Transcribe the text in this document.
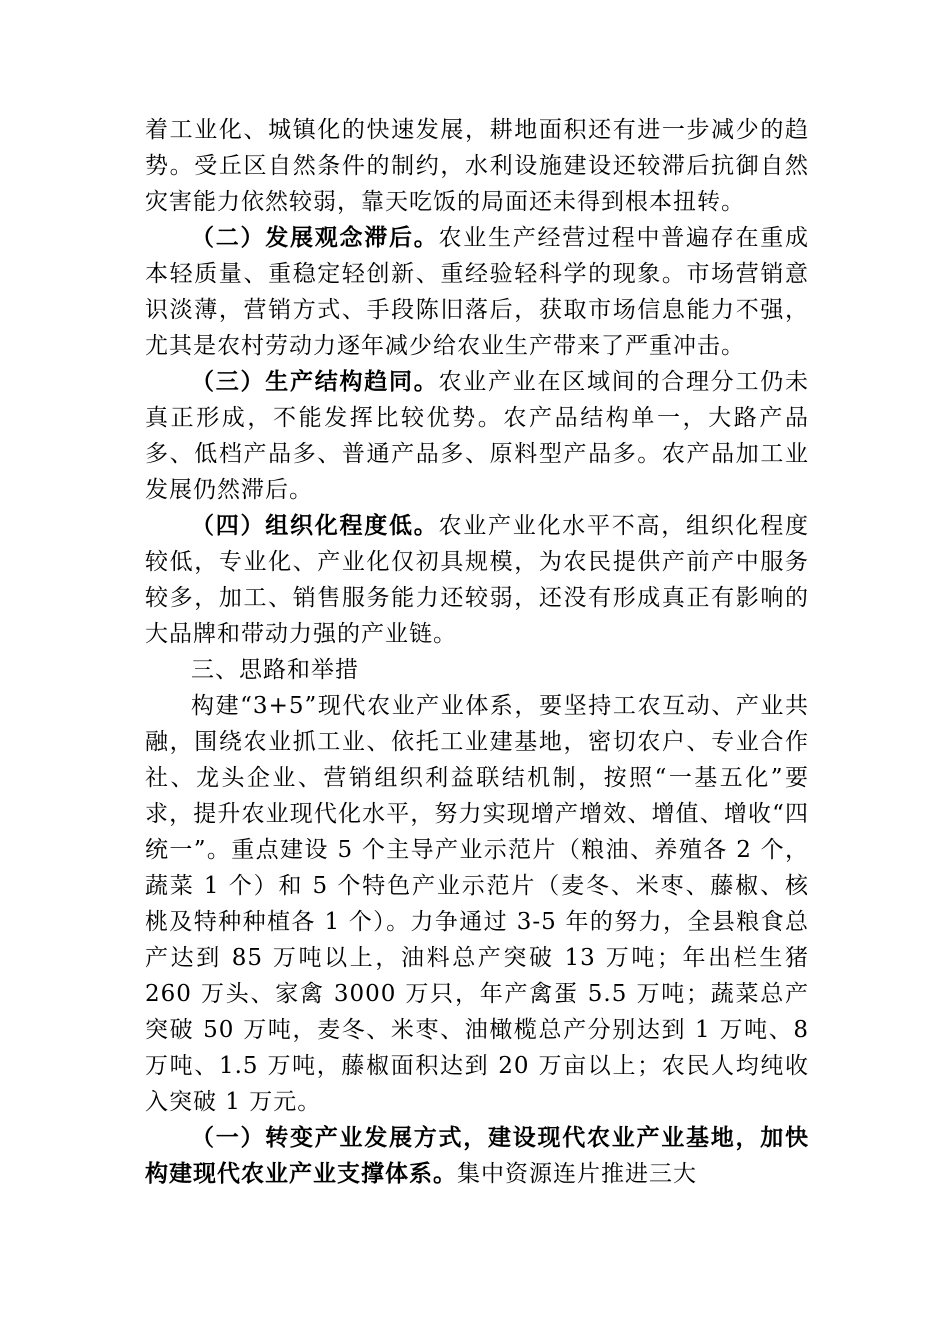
着工业化、城镇化的快速发展，耕地面积还有进一步减少的趋势。受丘区自然条件的制约，水利设施建设还较滞后抗御自然灾害能力依然较弱，靠天吃饭的局面还未得到根本扭转。

（二）发展观念滞后。农业生产经营过程中普遍存在重成本轻质量、重稳定轻创新、重经验轻科学的现象。市场营销意识淡薄，营销方式、手段陈旧落后，获取市场信息能力不强，尤其是农村劳动力逐年减少给农业生产带来了严重冲击。

（三）生产结构趋同。农业产业在区域间的合理分工仍未真正形成，不能发挥比较优势。农产品结构单一，大路产品多、低档产品多、普通产品多、原料型产品多。农产品加工业发展仍然滞后。

（四）组织化程度低。农业产业化水平不高，组织化程度较低，专业化、产业化仅初具规模，为农民提供产前产中服务较多，加工、销售服务能力还较弱，还没有形成真正有影响的大品牌和带动力强的产业链。

三、思路和举措

构建“3+5”现代农业产业体系，要坚持工农互动、产业共融，围绕农业抓工业、依托工业建基地，密切农户、专业合作社、龙头企业、营销组织利益联结机制，按照“一基五化”要求，提升农业现代化水平，努力实现增产增效、增值、增收“四统一”。重点建设 5 个主导产业示范片（粮油、养殖各 2 个，蔬菜 1 个）和 5 个特色产业示范片（麦冬、米枣、藤椒、核桃及特种种植各 1 个）。力争通过 3-5 年的努力，全县粮食总产达到 85 万吨以上，油料总产突破 13 万吨；年出栏生猪 260 万头、家禽 3000 万只，年产禽蛋 5.5 万吨；蔬菜总产突破 50 万吨，麦冬、米枣、油橄榄总产分别达到 1 万吨、8 万吨、1.5 万吨，藤椒面积达到 20 万亩以上；农民人均纯收入突破 1 万元。

（一）转变产业发展方式，建设现代农业产业基地，加快构建现代农业产业支撑体系。集中资源连片推进三大
